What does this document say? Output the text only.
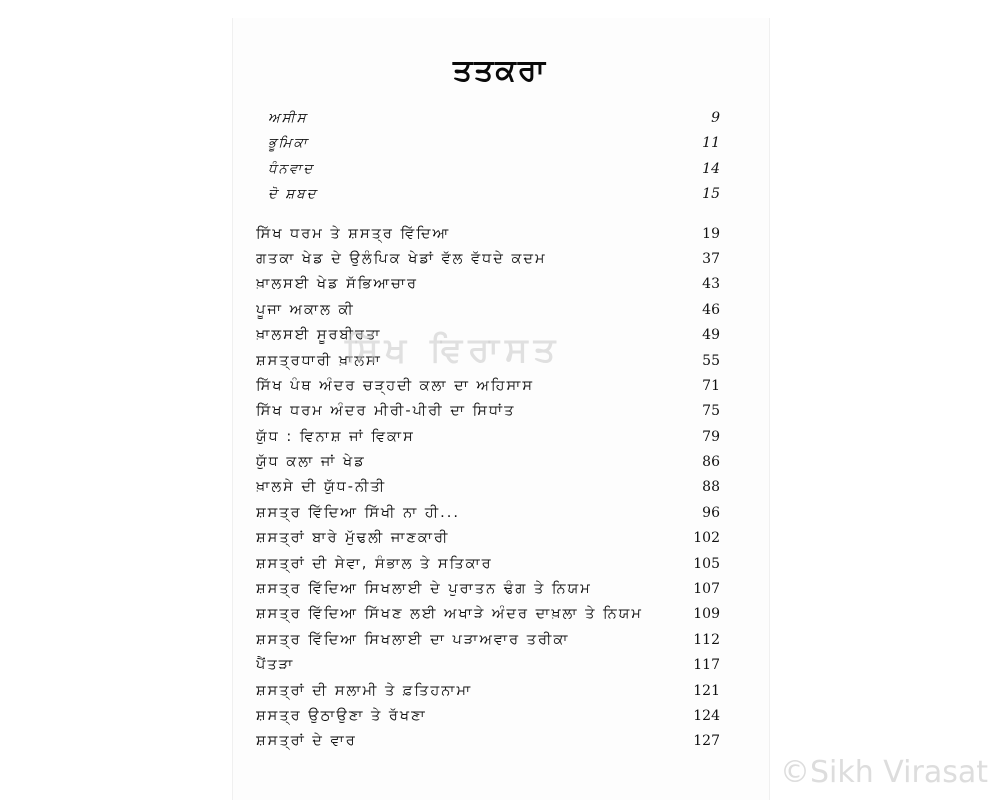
ਤਤਕਰਾ
ਅਸੀਸ	9
ਭੂਮਿਕਾ	11
ਧੰਨਵਾਦ	14
ਦੋ ਸ਼ਬਦ	15
ਸਿੱਖ ਧਰਮ ਤੇ ਸ਼ਸਤ੍ਰ ਵਿੱਦਿਆ	19
ਗਤਕਾ ਖੇਡ ਦੇ ਉਲੰਪਿਕ ਖੇਡਾਂ ਵੱਲ ਵੱਧਦੇ ਕਦਮ	37
ਖ਼ਾਲਸਈ ਖੇਡ ਸੱਭਿਆਚਾਰ	43
ਪੂਜਾ ਅਕਾਲ ਕੀ	46
ਖ਼ਾਲਸਈ ਸੂਰਬੀਰਤਾ	49
ਸ਼ਸਤ੍ਰਧਾਰੀ ਖ਼ਾਲਸਾ	55
ਸਿੱਖ ਪੰਥ ਅੰਦਰ ਚੜ੍ਹਦੀ ਕਲਾ ਦਾ ਅਹਿਸਾਸ	71
ਸਿੱਖ ਧਰਮ ਅੰਦਰ ਮੀਰੀ-ਪੀਰੀ ਦਾ ਸਿਧਾਂਤ	75
ਯੁੱਧ : ਵਿਨਾਸ਼ ਜਾਂ ਵਿਕਾਸ	79
ਯੁੱਧ ਕਲਾ ਜਾਂ ਖੇਡ	86
ਖ਼ਾਲਸੇ ਦੀ ਯੁੱਧ-ਨੀਤੀ	88
ਸ਼ਸਤ੍ਰ ਵਿੱਦਿਆ ਸਿੱਖੀ ਨਾ ਹੀ...	96
ਸ਼ਸਤ੍ਰਾਂ ਬਾਰੇ ਮੁੱਢਲੀ ਜਾਣਕਾਰੀ	102
ਸ਼ਸਤ੍ਰਾਂ ਦੀ ਸੇਵਾ, ਸੰਭਾਲ ਤੇ ਸਤਿਕਾਰ	105
ਸ਼ਸਤ੍ਰ ਵਿੱਦਿਆ ਸਿਖਲਾਈ ਦੇ ਪੁਰਾਤਨ ਢੰਗ ਤੇ ਨਿਯਮ	107
ਸ਼ਸਤ੍ਰ ਵਿੱਦਿਆ ਸਿੱਖਣ ਲਈ ਅਖਾੜੇ ਅੰਦਰ ਦਾਖ਼ਲਾ ਤੇ ਨਿਯਮ	109
ਸ਼ਸਤ੍ਰ ਵਿੱਦਿਆ ਸਿਖਲਾਈ ਦਾ ਪੜਾਅਵਾਰ ਤਰੀਕਾ	112
ਪੈਂਤੜਾ	117
ਸ਼ਸਤ੍ਰਾਂ ਦੀ ਸਲਾਮੀ ਤੇ ਫ਼ਤਿਹਨਾਮਾ	121
ਸ਼ਸਤ੍ਰ ਉਠਾਉਣਾ ਤੇ ਰੱਖਣਾ	124
ਸ਼ਸਤ੍ਰਾਂ ਦੇ ਵਾਰ	127
ਸਿੱਖ ਵਿਰਾਸਤ
©Sikh Virasat
